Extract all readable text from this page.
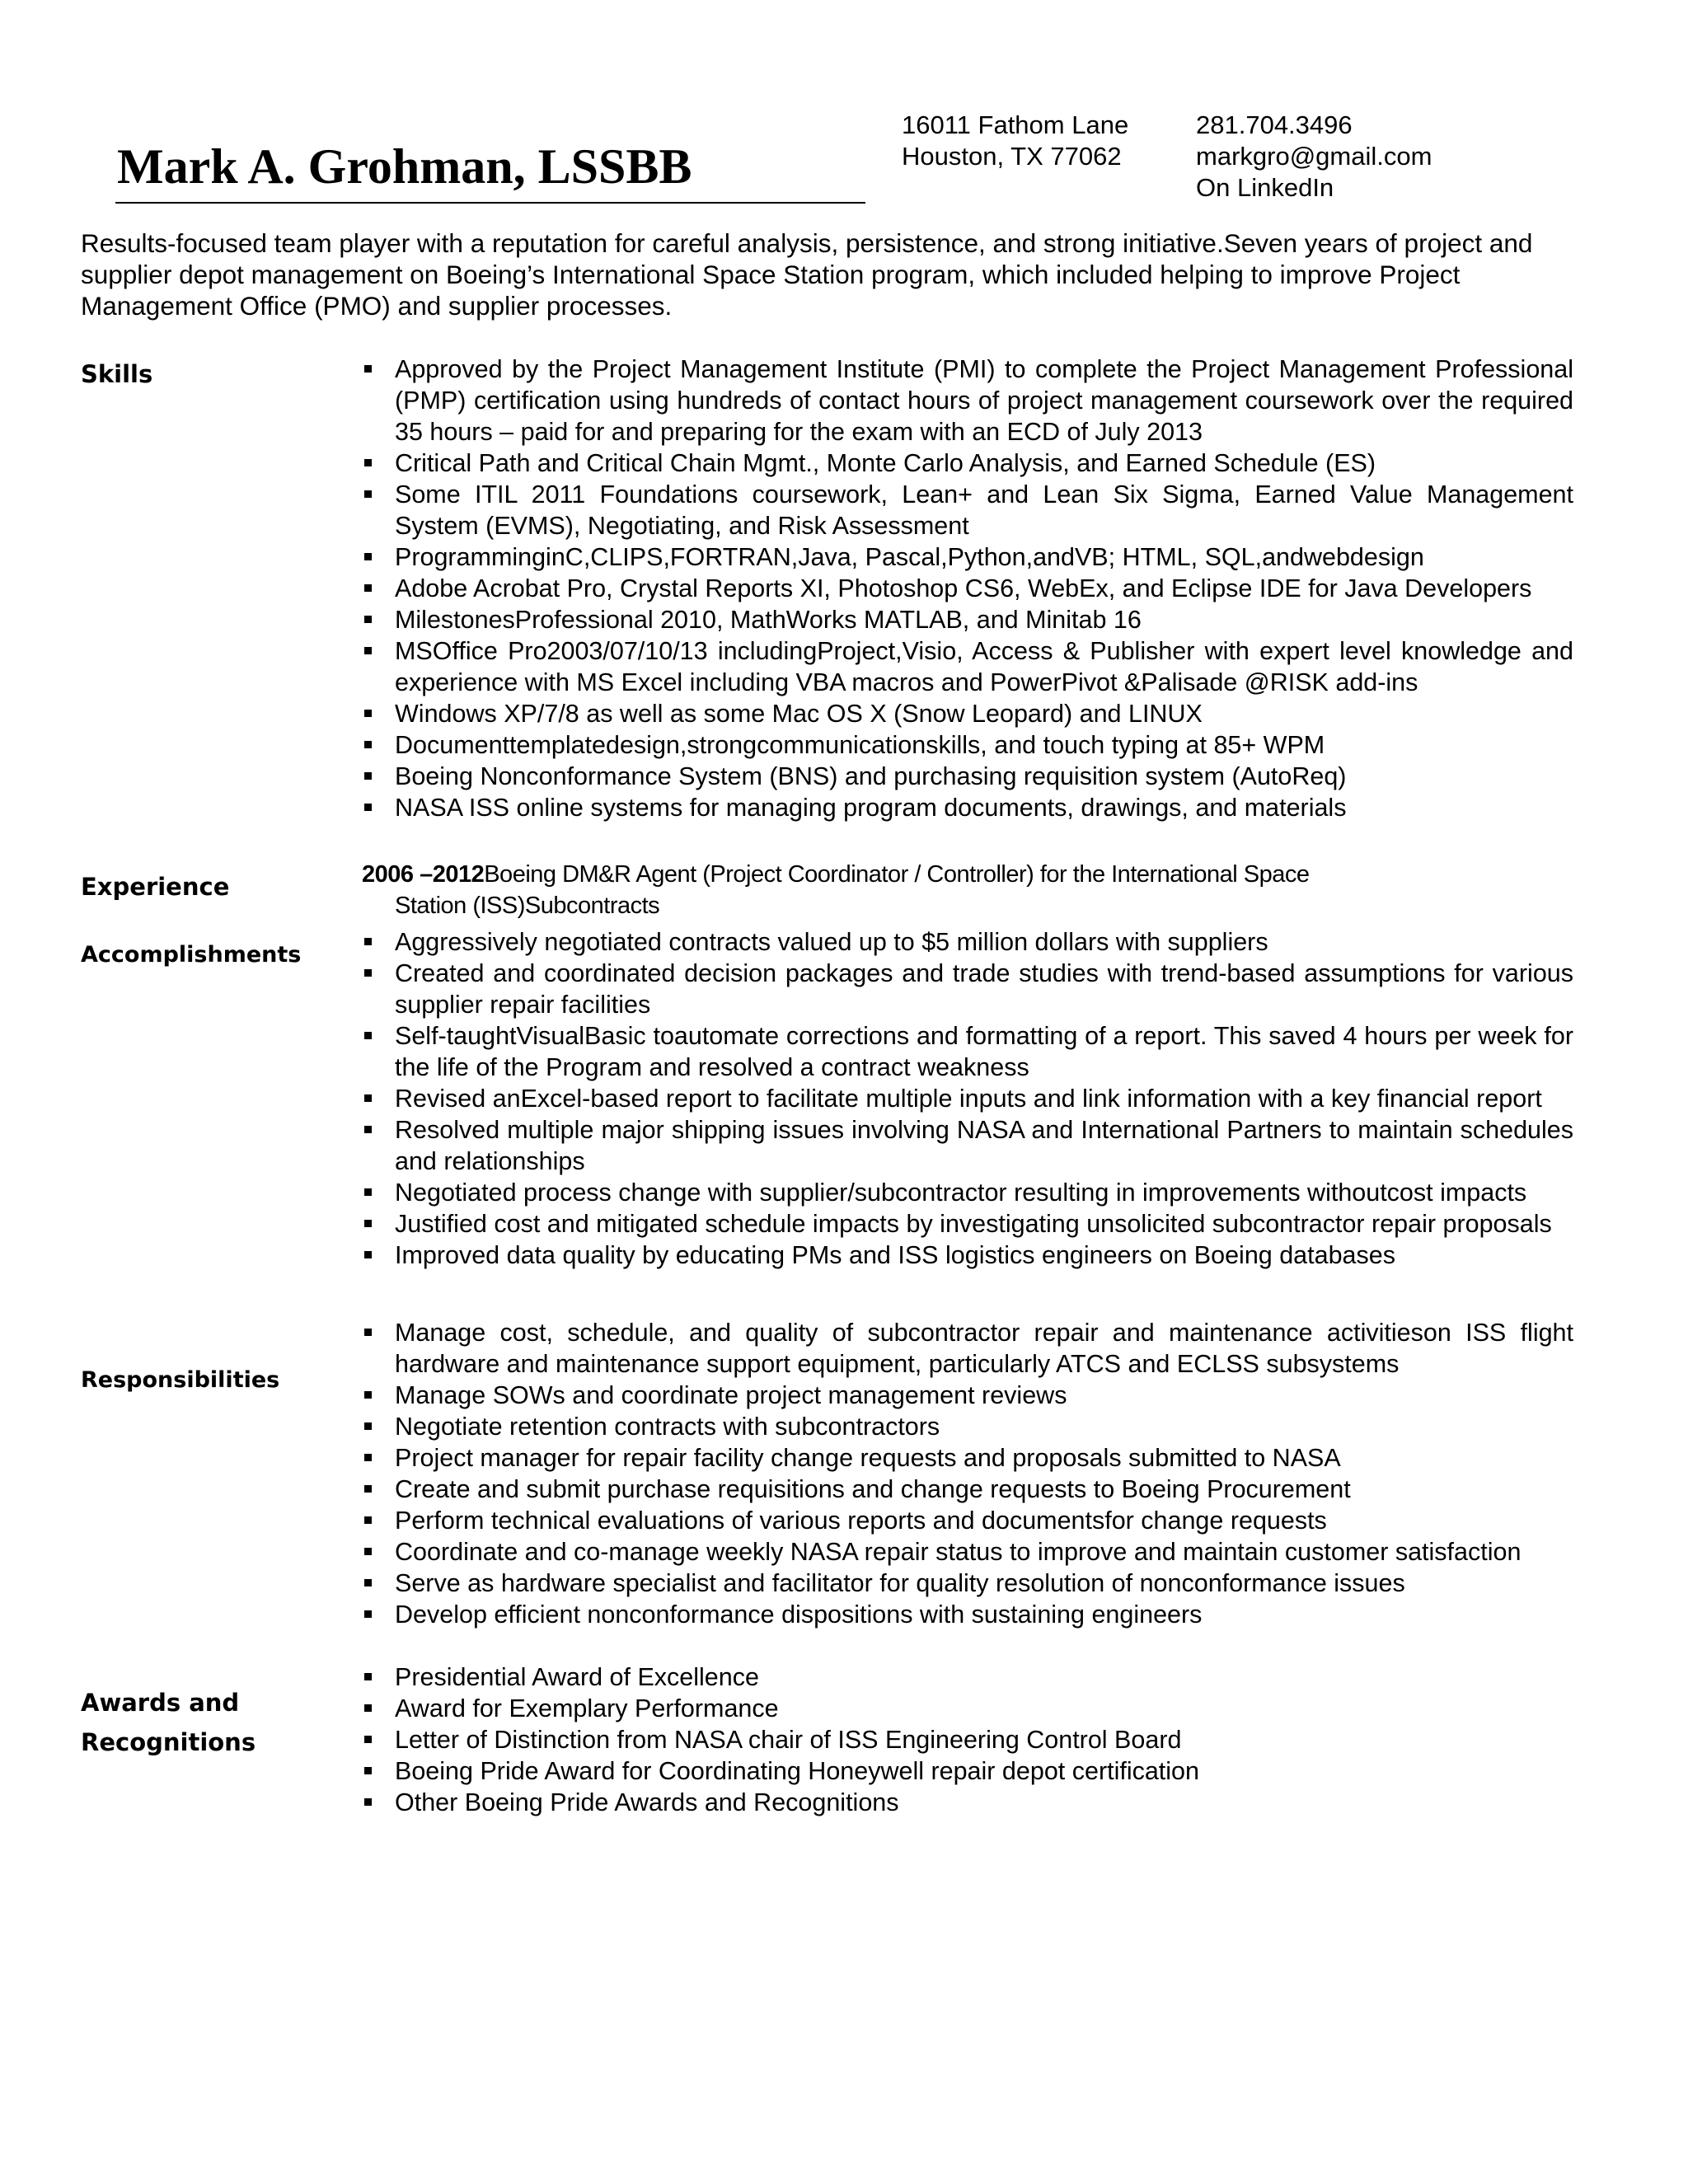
Mark A. Grohman, LSSBB
16011 Fathom Lane
Houston, TX 77062
281.704.3496
markgro@gmail.com
On LinkedIn

Results-focused team player with a reputation for careful analysis, persistence, and strong initiative.Seven years of project and supplier depot management on Boeing’s International Space Station program, which included helping to improve Project Management Office (PMO) and supplier processes.

Skills	Approved by the Project Management Institute (PMI) to complete the Project Management Professional (PMP) certification using hundreds of contact hours of project management coursework over the required 35 hours – paid for and preparing for the exam with an ECD of July 2013
Critical Path and Critical Chain Mgmt., Monte Carlo Analysis, and Earned Schedule (ES)
Some ITIL 2011 Foundations coursework, Lean+ and Lean Six Sigma, Earned Value Management System (EVMS), Negotiating, and Risk Assessment
ProgramminginC,CLIPS,FORTRAN,Java, Pascal,Python,andVB; HTML, SQL,andwebdesign
Adobe Acrobat Pro, Crystal Reports XI, Photoshop CS6, WebEx, and Eclipse IDE for Java Developers
MilestonesProfessional 2010, MathWorks MATLAB, and Minitab 16
MSOffice Pro2003/07/10/13 includingProject,Visio, Access & Publisher with expert level knowledge and experience with MS Excel including VBA macros and PowerPivot &Palisade @RISK add-ins
Windows XP/7/8 as well as some Mac OS X (Snow Leopard) and LINUX
Documenttemplatedesign,strongcommunicationskills, and touch typing at 85+ WPM
Boeing Nonconformance System (BNS) and purchasing requisition system (AutoReq)
NASA ISS online systems for managing program documents, drawings, and materials
Experience	2006 –2012Boeing DM&R Agent (Project Coordinator / Controller) for the International Space
Station (ISS)Subcontracts

Accomplishments	Aggressively negotiated contracts valued up to $5 million dollars with suppliers
Created and coordinated decision packages and trade studies with trend-based assumptions for various supplier repair facilities
Self-taughtVisualBasic toautomate corrections and formatting of a report. This saved 4 hours per week for the life of the Program and resolved a contract weakness
Revised anExcel-based report to facilitate multiple inputs and link information with a key financial report
Resolved multiple major shipping issues involving NASA and International Partners to maintain schedules and relationships
Negotiated process change with supplier/subcontractor resulting in improvements withoutcost impacts
Justified cost and mitigated schedule impacts by investigating unsolicited subcontractor repair proposals
Improved data quality by educating PMs and ISS logistics engineers on Boeing databases
Responsibilities
Manage cost, schedule, and quality of subcontractor repair and maintenance activitieson ISS flight hardware and maintenance support equipment, particularly ATCS and ECLSS subsystems
Manage SOWs and coordinate project management reviews
Negotiate retention contracts with subcontractors
Project manager for repair facility change requests and proposals submitted to NASA
Create and submit purchase requisitions and change requests to Boeing Procurement
Perform technical evaluations of various reports and documentsfor change requests
Coordinate and co-manage weekly NASA repair status to improve and maintain customer satisfaction
Serve as hardware specialist and facilitator for quality resolution of nonconformance issues
Develop efficient nonconformance dispositions with sustaining engineers
Awards and
Recognitions
Presidential Award of Excellence
Award for Exemplary Performance
Letter of Distinction from NASA chair of ISS Engineering Control Board
Boeing Pride Award for Coordinating Honeywell repair depot certification
Other Boeing Pride Awards and Recognitions
